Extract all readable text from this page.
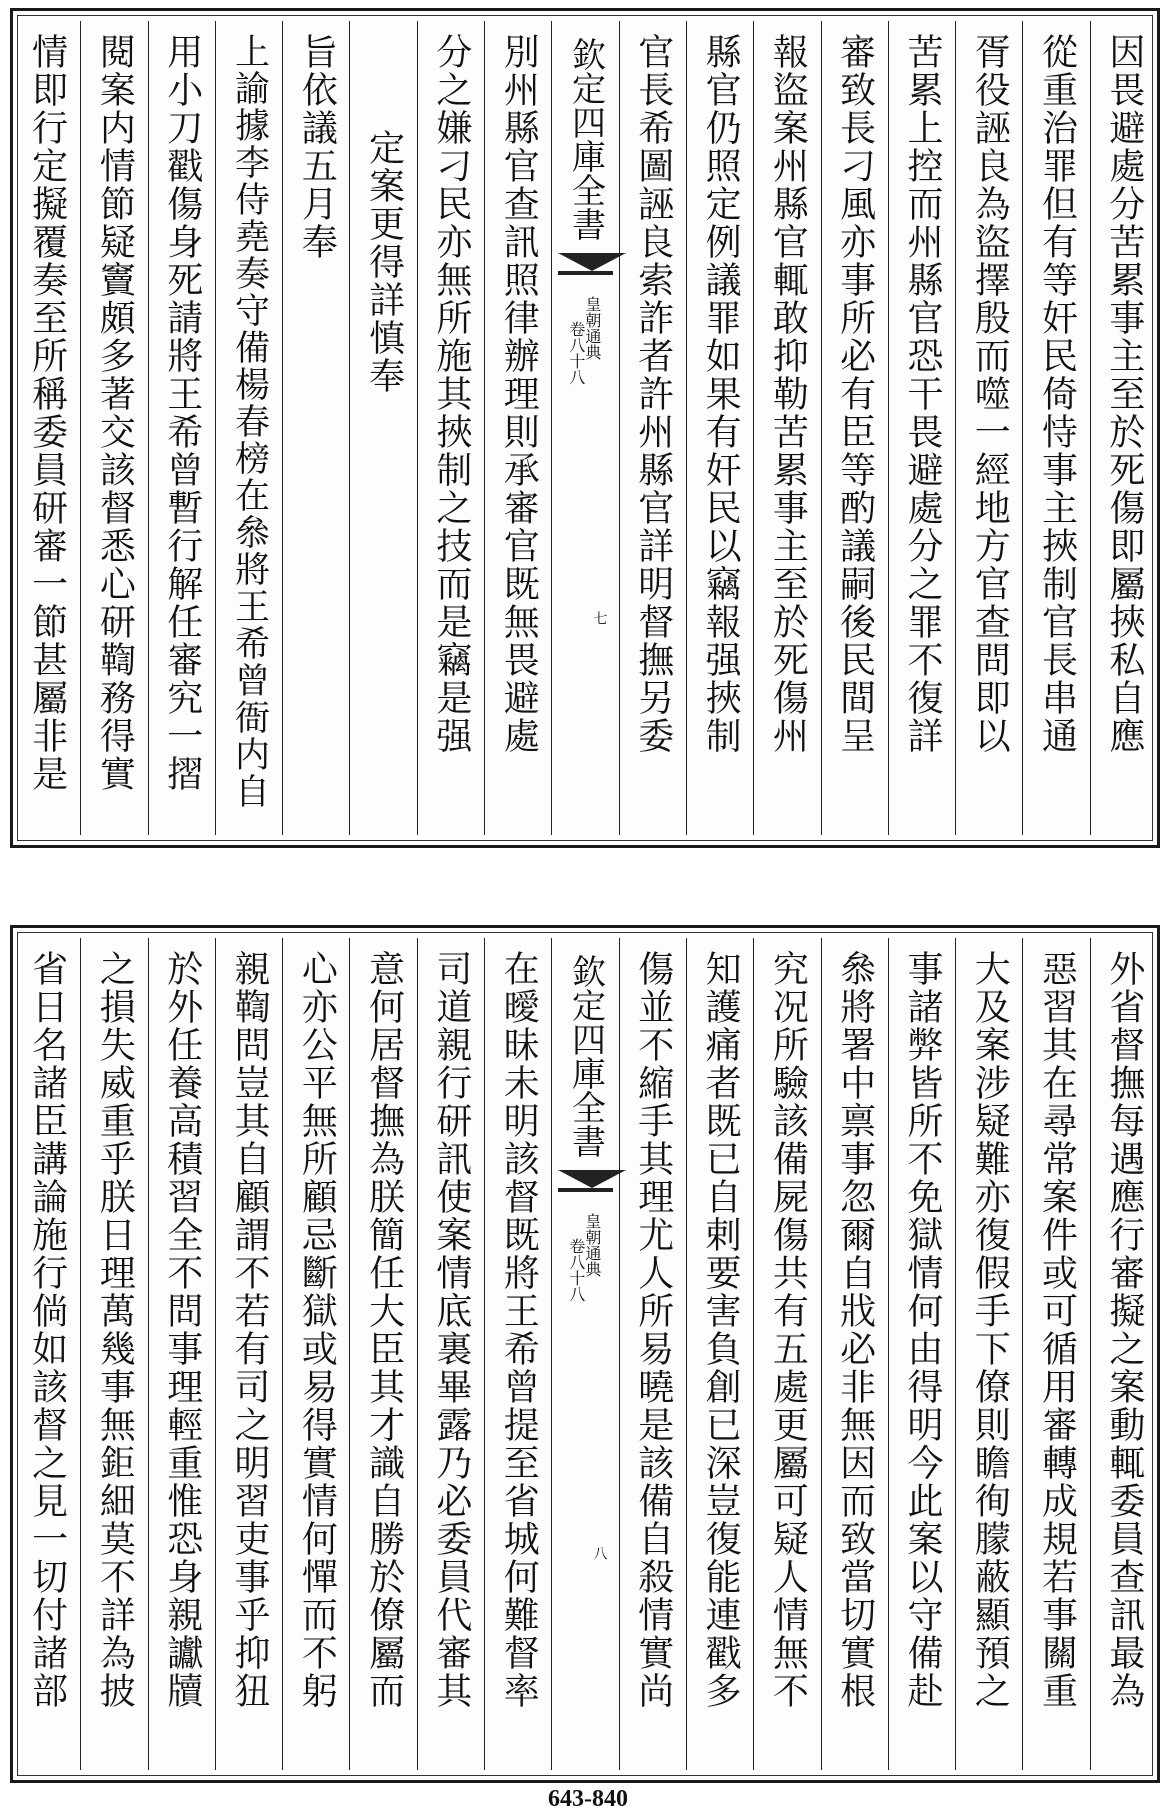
情即行定擬覆奏至所稱委員研審一節甚屬非是 閱案内情節疑竇頗多著交該督悉心研鞫務得實 用小刀戳傷身死請將王希曾暫行解任審究一摺 上諭據李侍堯奏守備楊春榜在叅將王希曾衙内自 旨依議五月奉 定案更得詳慎奉 分之嫌刁民亦無所施其挾制之技而是竊是强 別州縣官查訊照律辦理則承審官既無畏避處 欽定四庫全書
皇朝通典
卷八十八
七 官長希圖誣良索詐者許州縣官詳明督撫另委 縣官仍照定例議罪如果有奸民以竊報强挾制 報盜案州縣官輒敢抑勒苦累事主至於死傷州 審致長刁風亦事所必有臣等酌議嗣後民間呈 苦累上控而州縣官恐干畏避處分之罪不復詳 胥役誣良為盜擇殷而噬一經地方官查問即以 從重治罪但有等奸民倚恃事主挾制官長串通 因畏避處分苦累事主至於死傷即屬挾私自應
省日名諸臣講論施行倘如該督之見一切付諸部 之損失威重乎朕日理萬幾事無鉅細莫不詳為披 於外任養高積習全不問事理輕重惟恐身親讞牘 親鞫問豈其自顧謂不若有司之明習吏事乎抑狃 心亦公平無所顧忌斷獄或易得實情何憚而不躬 意何居督撫為朕簡任大臣其才識自勝於僚屬而 司道親行研訊使案情底裏畢露乃必委員代審其 在曖昧未明該督既將王希曾提至省城何難督率 欽定四庫全書
皇朝通典
卷八十八
八 傷並不縮手其理尤人所易曉是該備自殺情實尚 知護痛者既已自剌要害負創已深豈復能連戳多 究况所驗該備屍傷共有五處更屬可疑人情無不 叅將署中禀事忽爾自戕必非無因而致當切實根 事諸弊皆所不免獄情何由得明今此案以守備赴 大及案涉疑難亦復假手下僚則瞻徇朦蔽顯預之 惡習其在尋常案件或可循用審轉成規若事關重 外省督撫每遇應行審擬之案動輒委員查訊最為
643-840
